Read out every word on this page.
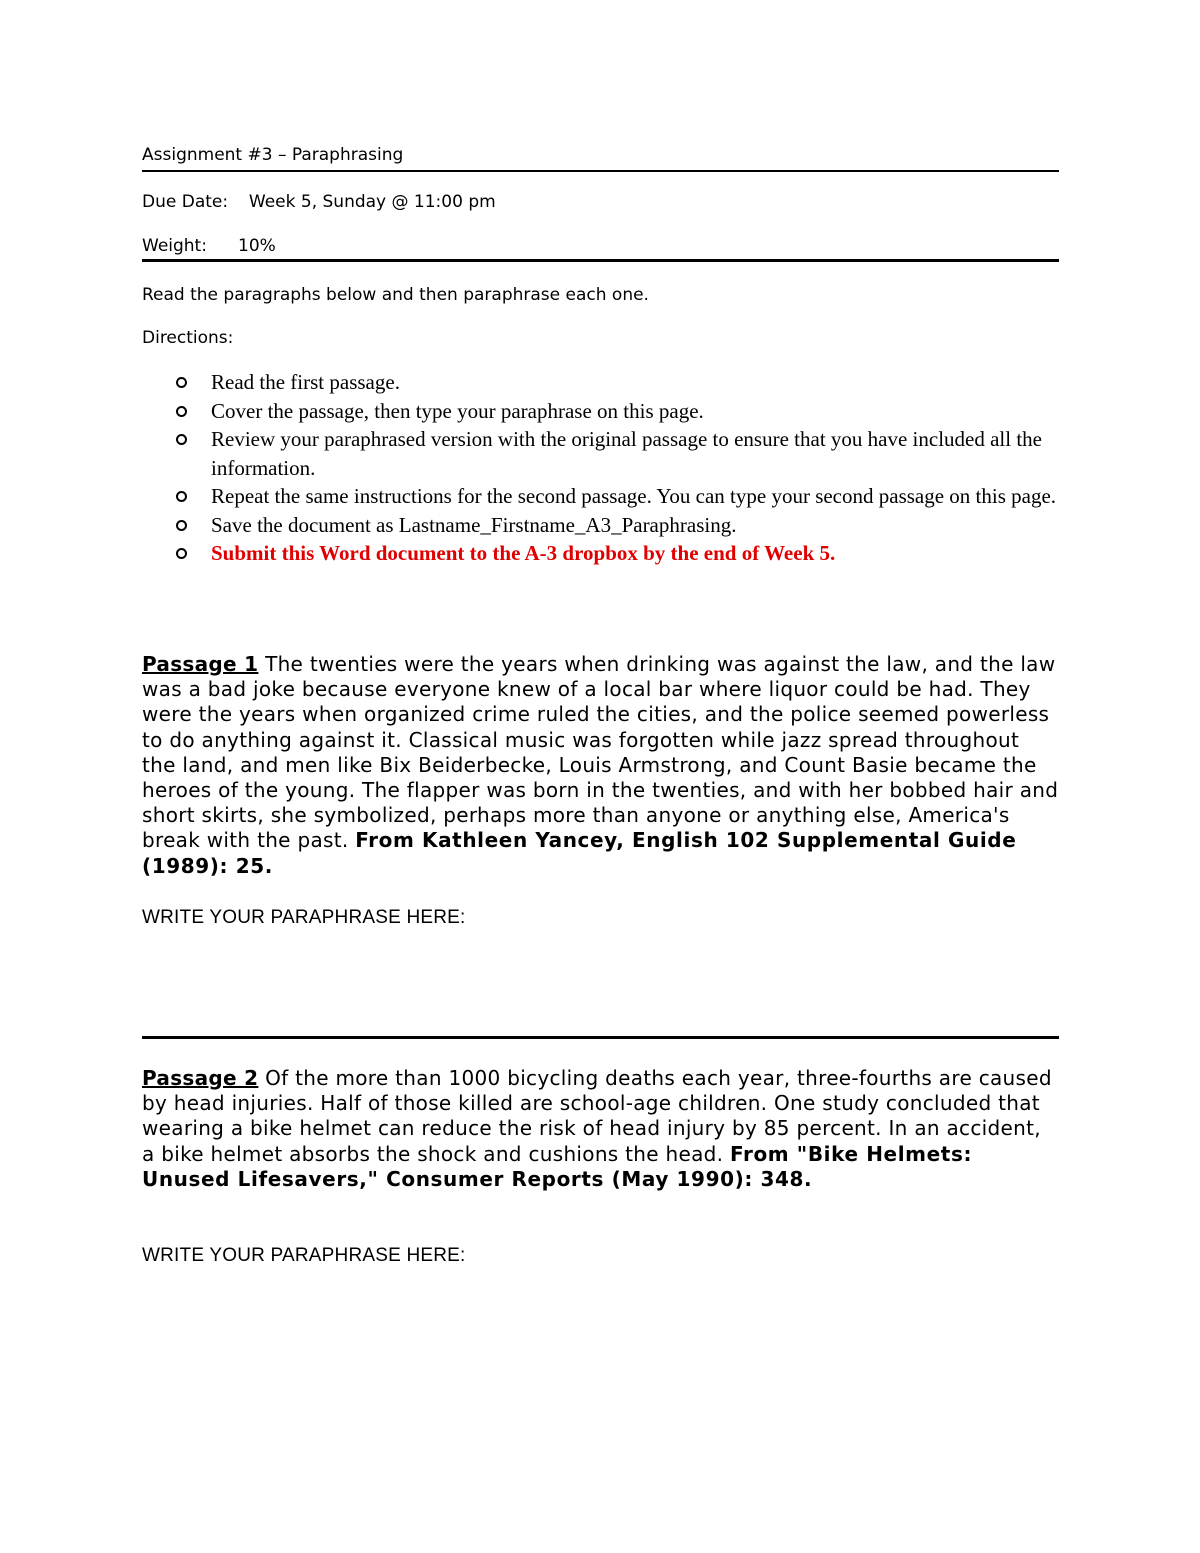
Assignment #3 – Paraphrasing
Due Date: Week 5, Sunday @ 11:00 pm
Weight: 10%
Read the paragraphs below and then paraphrase each one.
Directions:
Read the first passage.
Cover the passage, then type your paraphrase on this page.
Review your paraphrased version with the original passage to ensure that you have included all the information.
Repeat the same instructions for the second passage. You can type your second passage on this page.
Save the document as Lastname_Firstname_A3_Paraphrasing.
Submit this Word document to the A-3 dropbox by the end of Week 5.
Passage 1 The twenties were the years when drinking was against the law, and the law was a bad joke because everyone knew of a local bar where liquor could be had. They were the years when organized crime ruled the cities, and the police seemed powerless to do anything against it. Classical music was forgotten while jazz spread throughout the land, and men like Bix Beiderbecke, Louis Armstrong, and Count Basie became the heroes of the young. The flapper was born in the twenties, and with her bobbed hair and short skirts, she symbolized, perhaps more than anyone or anything else, America's break with the past. From Kathleen Yancey, English 102 Supplemental Guide (1989): 25.
WRITE YOUR PARAPHRASE HERE:
Passage 2 Of the more than 1000 bicycling deaths each year, three-fourths are caused by head injuries. Half of those killed are school-age children. One study concluded that wearing a bike helmet can reduce the risk of head injury by 85 percent. In an accident, a bike helmet absorbs the shock and cushions the head. From "Bike Helmets: Unused Lifesavers," Consumer Reports (May 1990): 348.
WRITE YOUR PARAPHRASE HERE:
